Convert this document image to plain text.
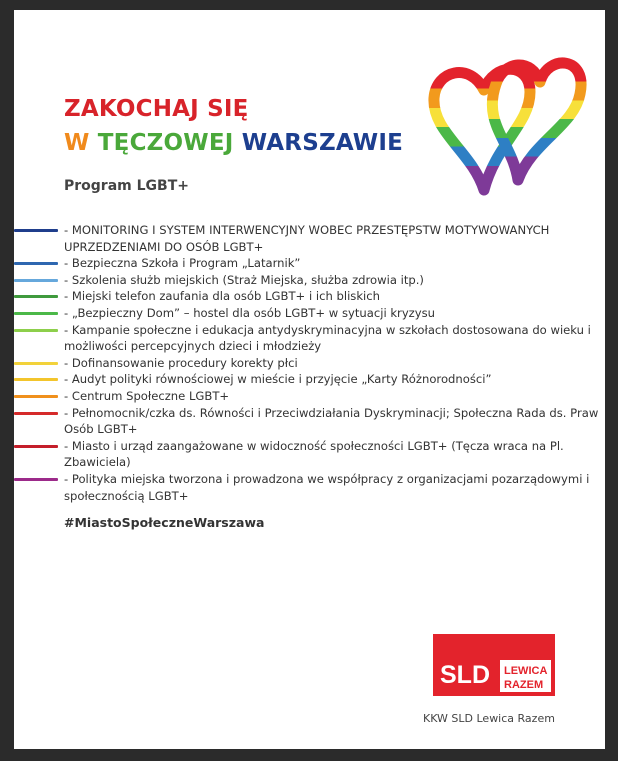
ZAKOCHAJ SIĘ
W TĘCZOWEJ WARSZAWIE
Program LGBT+
- MONITORING I SYSTEM INTERWENCYJNY WOBEC PRZESTĘPSTW MOTYWOWANYCH UPRZEDZENIAMI DO OSÓB LGBT+
- Bezpieczna Szkoła i Program „Latarnik”
- Szkolenia służb miejskich (Straż Miejska, służba zdrowia itp.)
- Miejski telefon zaufania dla osób LGBT+ i ich bliskich
- „Bezpieczny Dom” – hostel dla osób LGBT+ w sytuacji kryzysu
- Kampanie społeczne i edukacja antydyskryminacyjna w szkołach dostosowana do wieku i możliwości percepcyjnych dzieci i młodzieży
- Dofinansowanie procedury korekty płci
- Audyt polityki równościowej w mieście i przyjęcie „Karty Różnorodności”
- Centrum Społeczne LGBT+
- Pełnomocnik/czka ds. Równości i Przeciwdziałania Dyskryminacji; Społeczna Rada ds. Praw Osób LGBT+
- Miasto i urząd zaangażowane w widoczność społeczności LGBT+ (Tęcza wraca na Pl. Zbawiciela)
- Polityka miejska tworzona i prowadzona we współpracy z organizacjami pozarządowymi i społecznością LGBT+
#MiastoSpołeczneWarszawa
SLD LEWICA
RAZEM
KKW SLD Lewica Razem
